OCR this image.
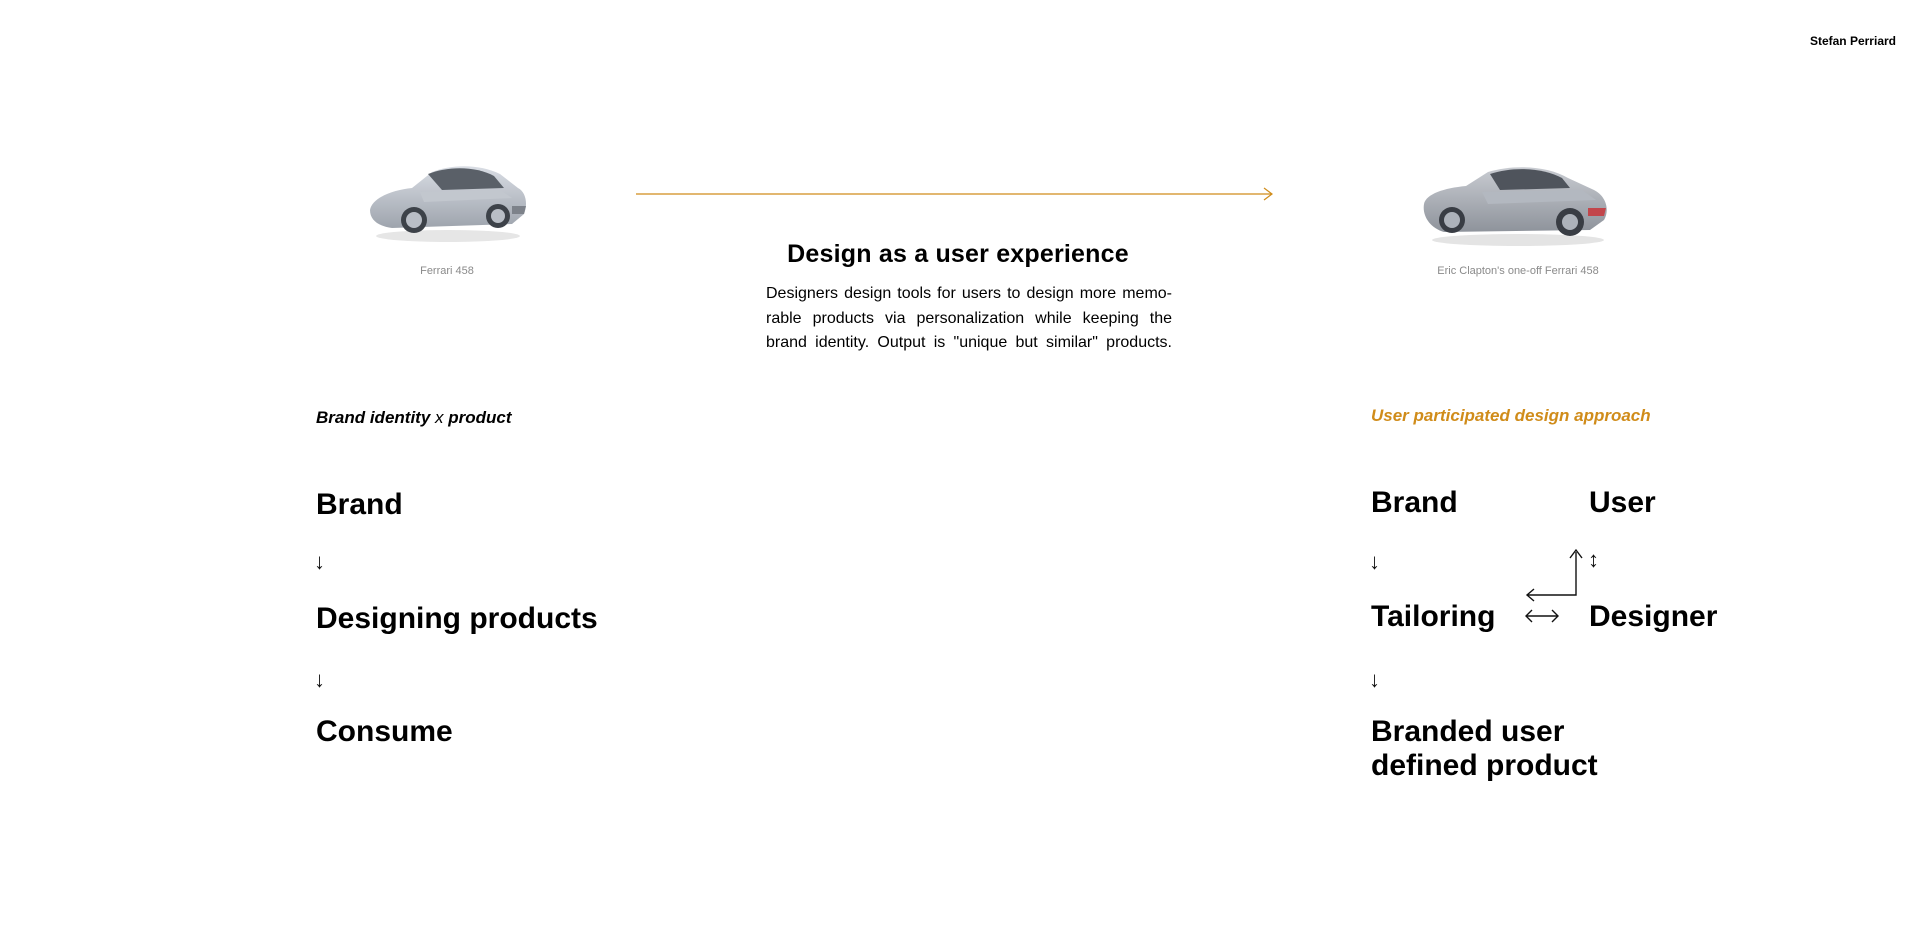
Stefan Perriard
Ferrari 458	Eric Clapton's one-off Ferrari 458
Design as a user experience
Designers design tools for users to design more memo-rable products via personalization while keeping the brand identity. Output is "unique but similar" products.
Brand identity x product
Brand
↓
Designing products
↓
Consume
User participated design approach
Brand	User
↓	↕
Tailoring	Designer
↓
Branded user defined product
